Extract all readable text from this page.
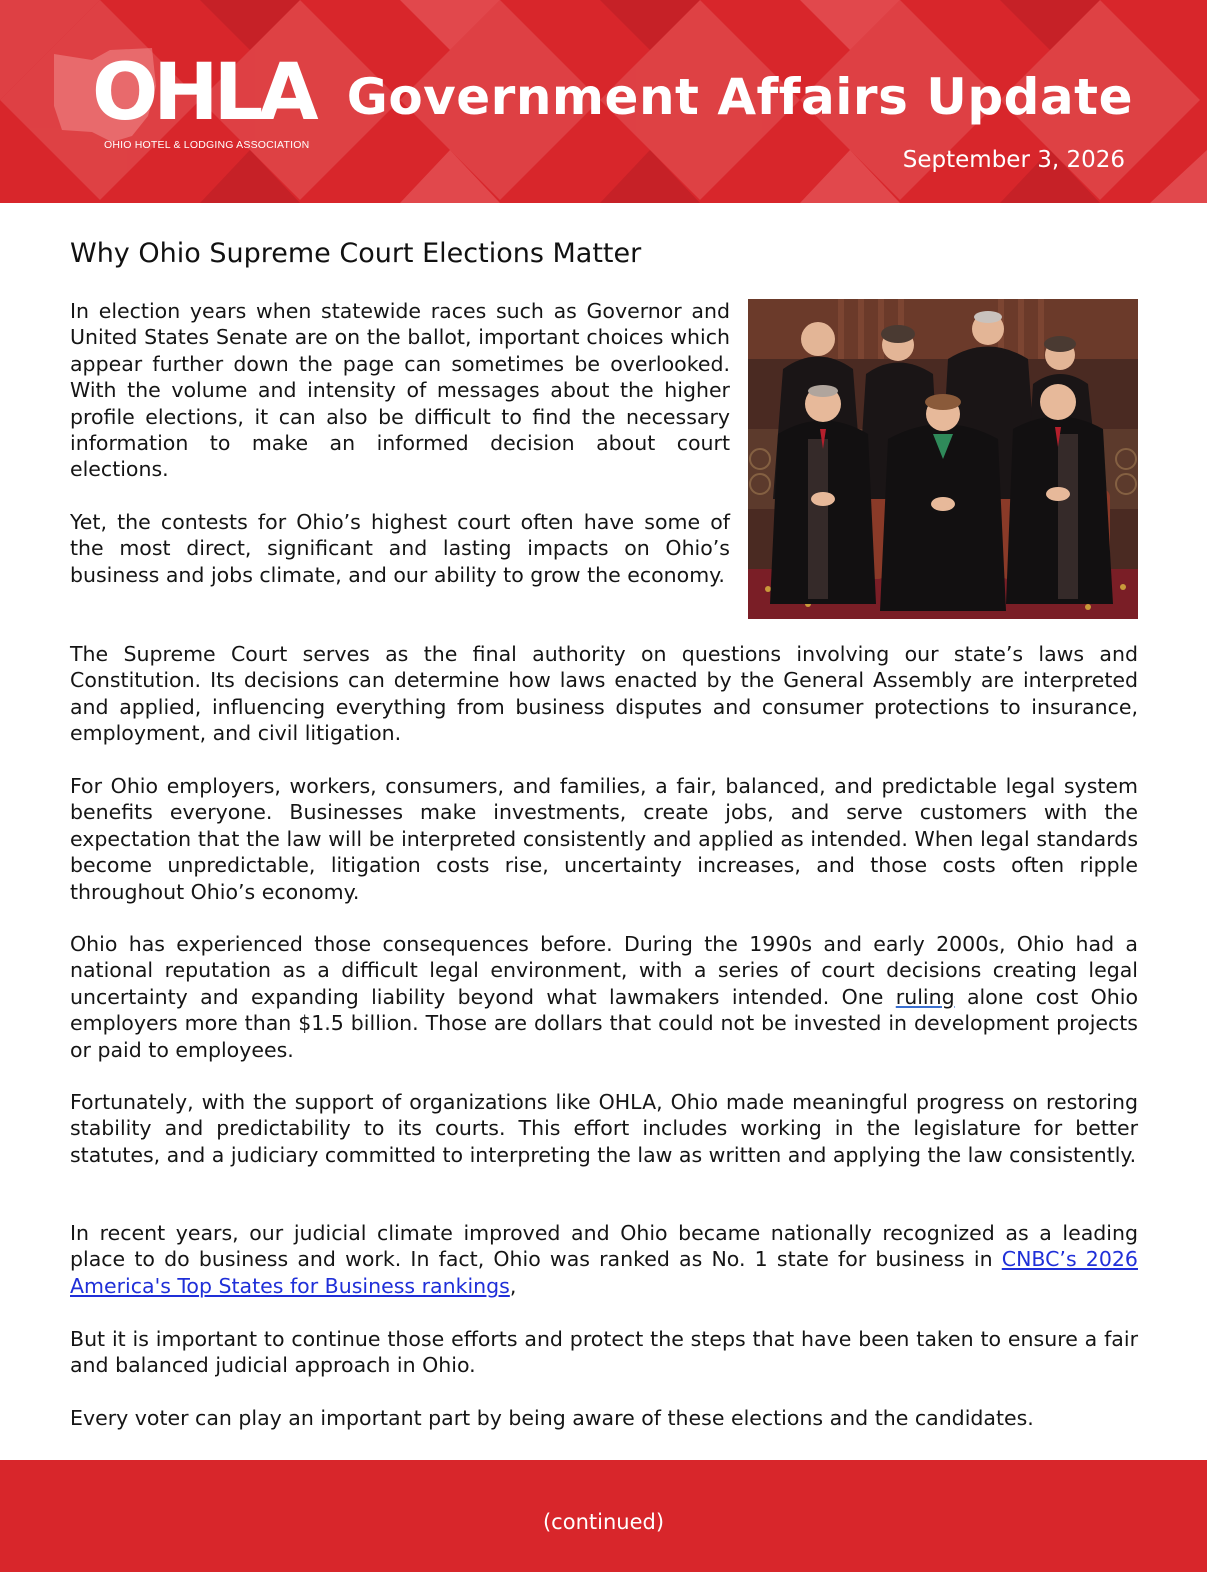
OHLA
OHIO HOTEL & LODGING ASSOCIATION
Government Affairs Update
September 3, 2026
Why Ohio Supreme Court Elections Matter

In election years when statewide races such as Governor and United States Senate are on the ballot, important choices which appear further down the page can sometimes be overlooked. With the volume and intensity of messages about the higher profile elections, it can also be difficult to find the necessary information to make an informed decision about court elections.

Yet, the contests for Ohio’s highest court often have some of the most direct, significant and lasting impacts on Ohio’s business and jobs climate, and our ability to grow the economy.

The Supreme Court serves as the final authority on questions involving our state’s laws and Constitution. Its decisions can determine how laws enacted by the General Assembly are interpreted and applied, influencing everything from business disputes and consumer protections to insurance, employment, and civil litigation.

For Ohio employers, workers, consumers, and families, a fair, balanced, and predictable legal system benefits everyone. Businesses make investments, create jobs, and serve customers with the expectation that the law will be interpreted consistently and applied as intended. When legal standards become unpredictable, litigation costs rise, uncertainty increases, and those costs often ripple throughout Ohio’s economy.

Ohio has experienced those consequences before. During the 1990s and early 2000s, Ohio had a national reputation as a difficult legal environment, with a series of court decisions creating legal uncertainty and expanding liability beyond what lawmakers intended. One ruling alone cost Ohio employers more than $1.5 billion. Those are dollars that could not be invested in development projects or paid to employees.

Fortunately, with the support of organizations like OHLA, Ohio made meaningful progress on restoring stability and predictability to its courts. This effort includes working in the legislature for better statutes, and a judiciary committed to interpreting the law as written and applying the law consistently.

In recent years, our judicial climate improved and Ohio became nationally recognized as a leading place to do business and work. In fact, Ohio was ranked as No. 1 state for business in CNBC’s 2026 America's Top States for Business rankings,

But it is important to continue those efforts and protect the steps that have been taken to ensure a fair and balanced judicial approach in Ohio.

Every voter can play an important part by being aware of these elections and the candidates.

(continued)
